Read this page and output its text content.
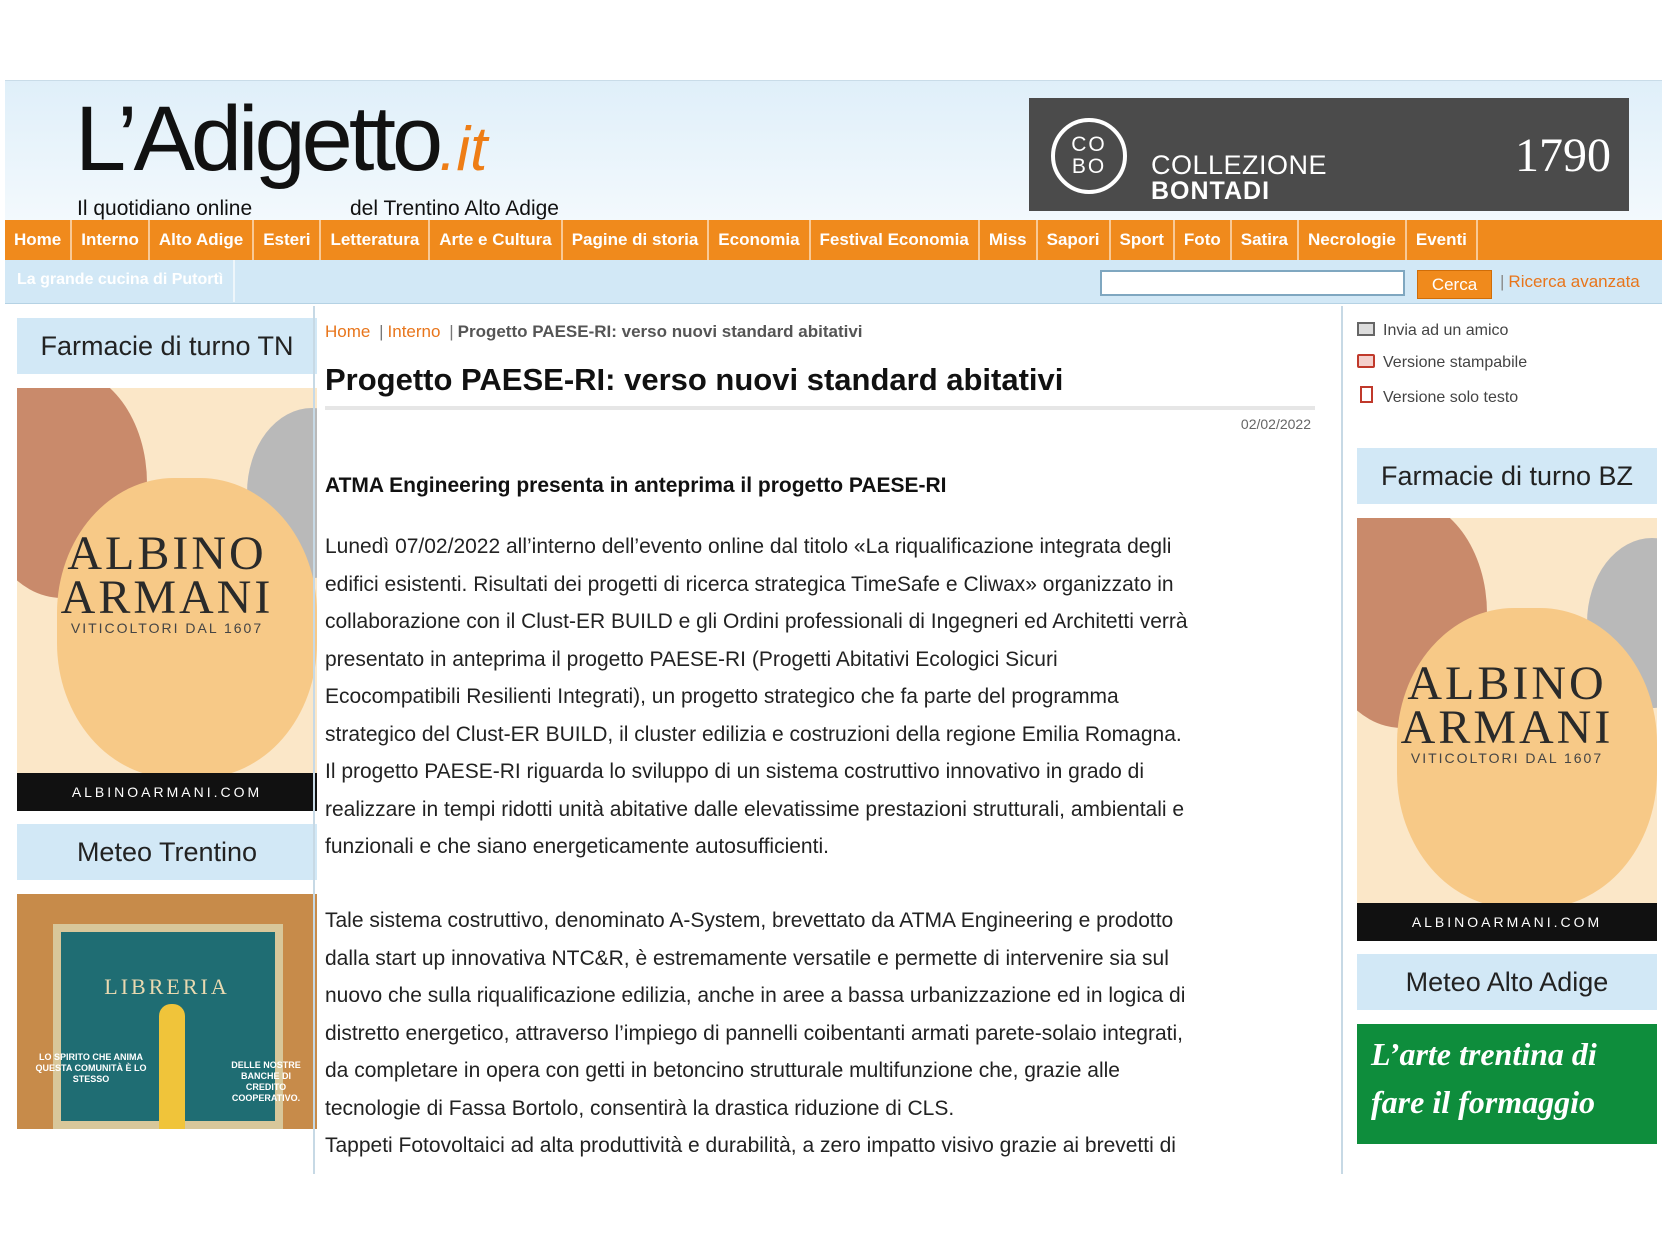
L’Adigetto.it
Il quotidiano online	del Trentino Alto Adige
CO
BO	COLLEZIONE
BONTADI
1790
Home	Interno	Alto Adige	Esteri	Letteratura	Arte e Cultura	Pagine di storia	Economia	Festival Economia	Miss	Sapori	Sport	Foto	Satira	Necrologie	Eventi
La grande cucina di Putortì	Cerca	| Ricerca avanzata
Farmacie di turno TN
ALBINO
ARMANI
VITICOLTORI DAL 1607
ALBINOARMANI.COM
Meteo Trentino
LIBRERIA
LO SPIRITO CHE ANIMA QUESTA COMUNITÀ È LO STESSO
DELLE NOSTRE BANCHE DI CREDITO COOPERATIVO.
Home | Interno | Progetto PAESE-RI: verso nuovi standard abitativi
Progetto PAESE-RI: verso nuovi standard abitativi
02/02/2022
ATMA Engineering presenta in anteprima il progetto PAESE-RI
Lunedì 07/02/2022 all’interno dell’evento online dal titolo «La riqualificazione integrata degli
edifici esistenti. Risultati dei progetti di ricerca strategica TimeSafe e Cliwax» organizzato in
collaborazione con il Clust-ER BUILD e gli Ordini professionali di Ingegneri ed Architetti verrà
presentato in anteprima il progetto PAESE-RI (Progetti Abitativi Ecologici Sicuri
Ecocompatibili Resilienti Integrati), un progetto strategico che fa parte del programma
strategico del Clust-ER BUILD, il cluster edilizia e costruzioni della regione Emilia Romagna.
Il progetto PAESE-RI riguarda lo sviluppo di un sistema costruttivo innovativo in grado di
realizzare in tempi ridotti unità abitative dalle elevatissime prestazioni strutturali, ambientali e
funzionali e che siano energeticamente autosufficienti.
Tale sistema costruttivo, denominato A-System, brevettato da ATMA Engineering e prodotto
dalla start up innovativa NTC&R, è estremamente versatile e permette di intervenire sia sul
nuovo che sulla riqualificazione edilizia, anche in aree a bassa urbanizzazione ed in logica di
distretto energetico, attraverso l’impiego di pannelli coibentanti armati parete-solaio integrati,
da completare in opera con getti in betoncino strutturale multifunzione che, grazie alle
tecnologie di Fassa Bortolo, consentirà la drastica riduzione di CLS.
Tappeti Fotovoltaici ad alta produttività e durabilità, a zero impatto visivo grazie ai brevetti di
Invia ad un amico
Versione stampabile
Versione solo testo
Farmacie di turno BZ
ALBINO
ARMANI
VITICOLTORI DAL 1607
ALBINOARMANI.COM
Meteo Alto Adige
L’arte trentina di
fare il formaggio
